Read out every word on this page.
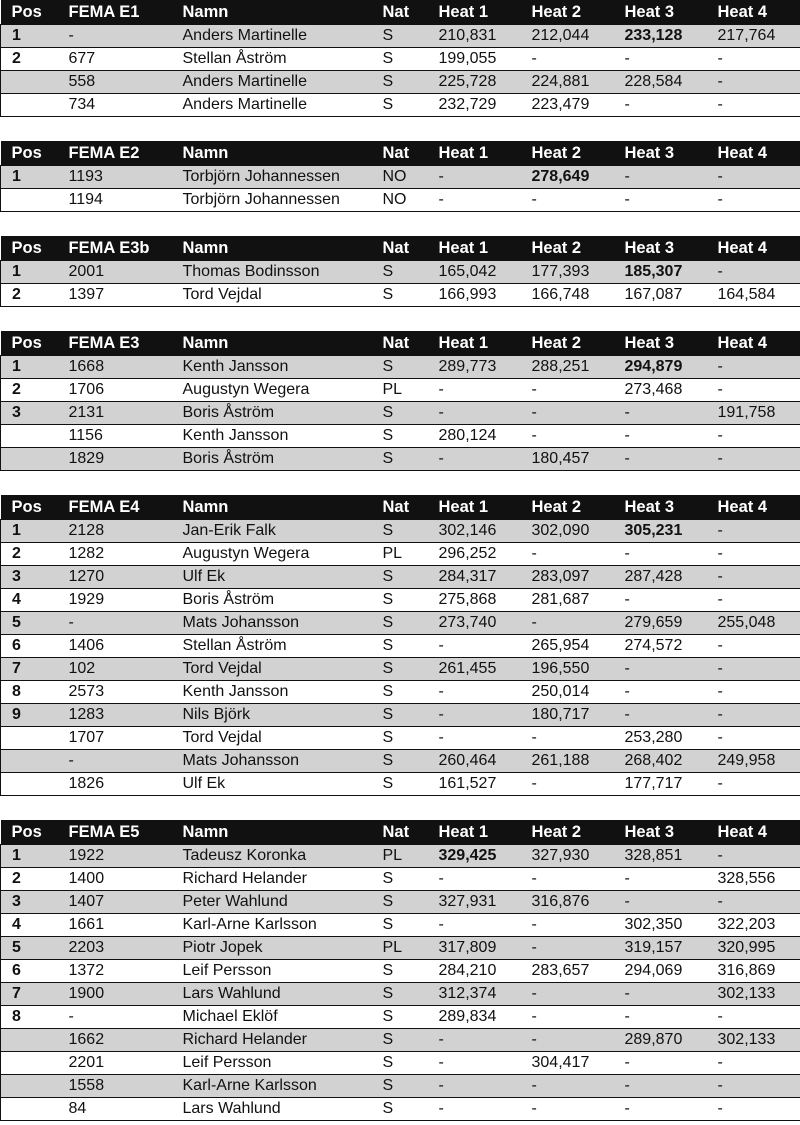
Pos	FEMA E1	Namn	Nat	Heat 1	Heat 2	Heat 3	Heat 4
1	-	Anders Martinelle	S	210,831	212,044	233,128	217,764
2	677	Stellan Åström	S	199,055	-	-	-
	558	Anders Martinelle	S	225,728	224,881	228,584	-
	734	Anders Martinelle	S	232,729	223,479	-	-
Pos	FEMA E2	Namn	Nat	Heat 1	Heat 2	Heat 3	Heat 4
1	1193	Torbjörn Johannessen	NO	-	278,649	-	-
	1194	Torbjörn Johannessen	NO	-	-	-	-
Pos	FEMA E3b	Namn	Nat	Heat 1	Heat 2	Heat 3	Heat 4
1	2001	Thomas Bodinsson	S	165,042	177,393	185,307	-
2	1397	Tord Vejdal	S	166,993	166,748	167,087	164,584
Pos	FEMA E3	Namn	Nat	Heat 1	Heat 2	Heat 3	Heat 4
1	1668	Kenth Jansson	S	289,773	288,251	294,879	-
2	1706	Augustyn Wegera	PL	-	-	273,468	-
3	2131	Boris Åström	S	-	-	-	191,758
	1156	Kenth Jansson	S	280,124	-	-	-
	1829	Boris Åström	S	-	180,457	-	-
Pos	FEMA E4	Namn	Nat	Heat 1	Heat 2	Heat 3	Heat 4
1	2128	Jan-Erik Falk	S	302,146	302,090	305,231	-
2	1282	Augustyn Wegera	PL	296,252	-	-	-
3	1270	Ulf Ek	S	284,317	283,097	287,428	-
4	1929	Boris Åström	S	275,868	281,687	-	-
5	-	Mats Johansson	S	273,740	-	279,659	255,048
6	1406	Stellan Åström	S	-	265,954	274,572	-
7	102	Tord Vejdal	S	261,455	196,550	-	-
8	2573	Kenth Jansson	S	-	250,014	-	-
9	1283	Nils Björk	S	-	180,717	-	-
	1707	Tord Vejdal	S	-	-	253,280	-
	-	Mats Johansson	S	260,464	261,188	268,402	249,958
	1826	Ulf Ek	S	161,527	-	177,717	-
Pos	FEMA E5	Namn	Nat	Heat 1	Heat 2	Heat 3	Heat 4
1	1922	Tadeusz Koronka	PL	329,425	327,930	328,851	-
2	1400	Richard Helander	S	-	-	-	328,556
3	1407	Peter Wahlund	S	327,931	316,876	-	-
4	1661	Karl-Arne Karlsson	S	-	-	302,350	322,203
5	2203	Piotr Jopek	PL	317,809	-	319,157	320,995
6	1372	Leif Persson	S	284,210	283,657	294,069	316,869
7	1900	Lars Wahlund	S	312,374	-	-	302,133
8	-	Michael Eklöf	S	289,834	-	-	-
	1662	Richard Helander	S	-	-	289,870	302,133
	2201	Leif Persson	S	-	304,417	-	-
	1558	Karl-Arne Karlsson	S	-	-	-	-
	84	Lars Wahlund	S	-	-	-	-
